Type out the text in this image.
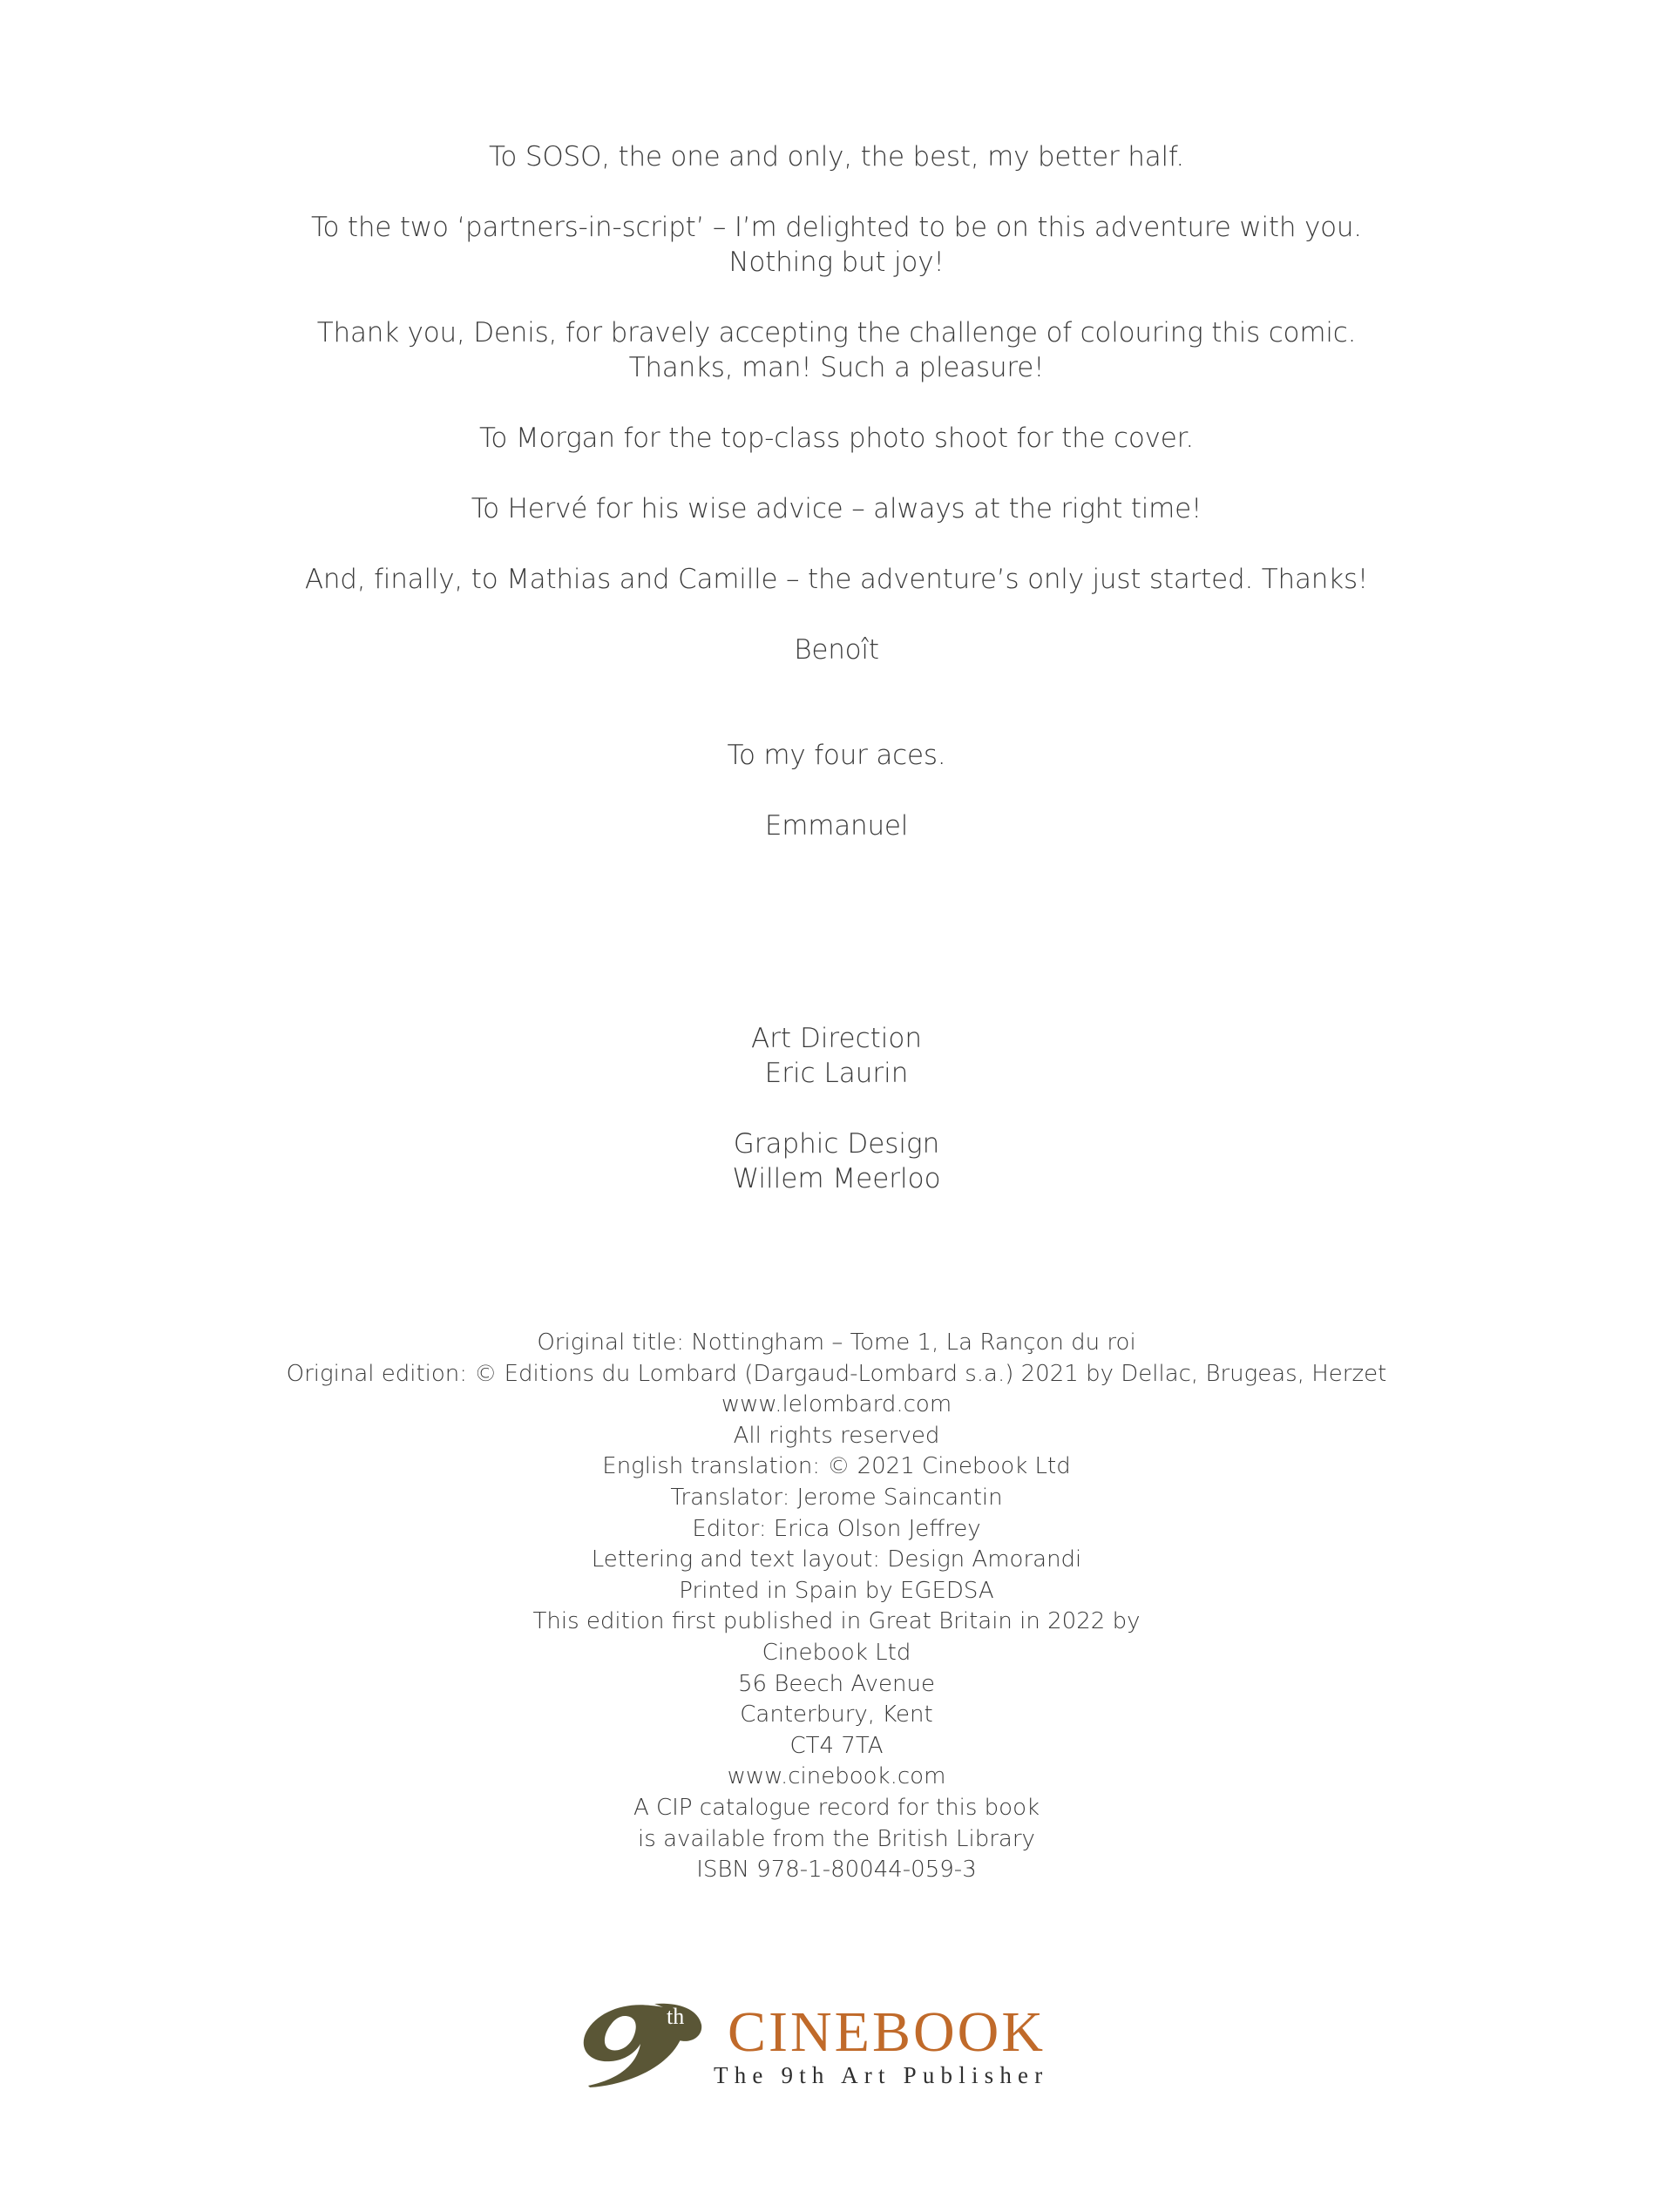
To SOSO, the one and only, the best, my better half.

To the two ‘partners-in-script’ – I’m delighted to be on this adventure with you.

Nothing but joy!

Thank you, Denis, for bravely accepting the challenge of colouring this comic.

Thanks, man! Such a pleasure!

To Morgan for the top-class photo shoot for the cover.

To Hervé for his wise advice – always at the right time!

And, finally, to Mathias and Camille – the adventure’s only just started. Thanks!

Benoît

To my four aces.

Emmanuel

Art Direction

Eric Laurin

Graphic Design

Willem Meerloo

Original title: Nottingham – Tome 1, La Rançon du roi
Original edition: © Editions du Lombard (Dargaud-Lombard s.a.) 2021 by Dellac, Brugeas, Herzet
www.lelombard.com
All rights reserved
English translation: © 2021 Cinebook Ltd
Translator: Jerome Saincantin
Editor: Erica Olson Jeffrey
Lettering and text layout: Design Amorandi
Printed in Spain by EGEDSA
This edition first published in Great Britain in 2022 by
Cinebook Ltd
56 Beech Avenue
Canterbury, Kent
CT4 7TA
www.cinebook.com
A CIP catalogue record for this book
is available from the British Library
ISBN 978-1-80044-059-3
th CINEBOOK
The 9th Art Publisher
